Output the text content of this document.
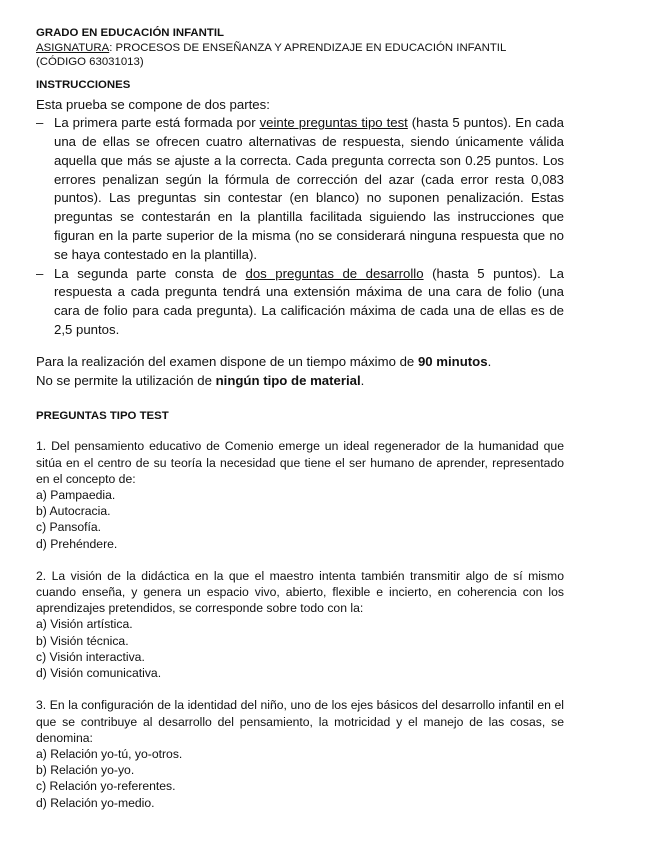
GRADO EN EDUCACIÓN INFANTIL
ASIGNATURA: PROCESOS DE ENSEÑANZA Y APRENDIZAJE EN EDUCACIÓN INFANTIL
(CÓDIGO 63031013)
INSTRUCCIONES
Esta prueba se compone de dos partes:
– La primera parte está formada por veinte preguntas tipo test (hasta 5 puntos). En cada una de ellas se ofrecen cuatro alternativas de respuesta, siendo únicamente válida aquella que más se ajuste a la correcta. Cada pregunta correcta son 0.25 puntos. Los errores penalizan según la fórmula de corrección del azar (cada error resta 0,083 puntos). Las preguntas sin contestar (en blanco) no suponen penalización. Estas preguntas se contestarán en la plantilla facilitada siguiendo las instrucciones que figuran en la parte superior de la misma (no se considerará ninguna respuesta que no se haya contestado en la plantilla).
– La segunda parte consta de dos preguntas de desarrollo (hasta 5 puntos). La respuesta a cada pregunta tendrá una extensión máxima de una cara de folio (una cara de folio para cada pregunta). La calificación máxima de cada una de ellas es de 2,5 puntos.
Para la realización del examen dispone de un tiempo máximo de 90 minutos.
No se permite la utilización de ningún tipo de material.
PREGUNTAS TIPO TEST
1. Del pensamiento educativo de Comenio emerge un ideal regenerador de la humanidad que sitúa en el centro de su teoría la necesidad que tiene el ser humano de aprender, representado en el concepto de:
a) Pampaedia.
b) Autocracia.
c) Pansofía.
d) Prehéndere.
2. La visión de la didáctica en la que el maestro intenta también transmitir algo de sí mismo cuando enseña, y genera un espacio vivo, abierto, flexible e incierto, en coherencia con los aprendizajes pretendidos, se corresponde sobre todo con la:
a) Visión artística.
b) Visión técnica.
c) Visión interactiva.
d) Visión comunicativa.
3. En la configuración de la identidad del niño, uno de los ejes básicos del desarrollo infantil en el que se contribuye al desarrollo del pensamiento, la motricidad y el manejo de las cosas, se denomina:
a) Relación yo-tú, yo-otros.
b) Relación yo-yo.
c) Relación yo-referentes.
d) Relación yo-medio.
